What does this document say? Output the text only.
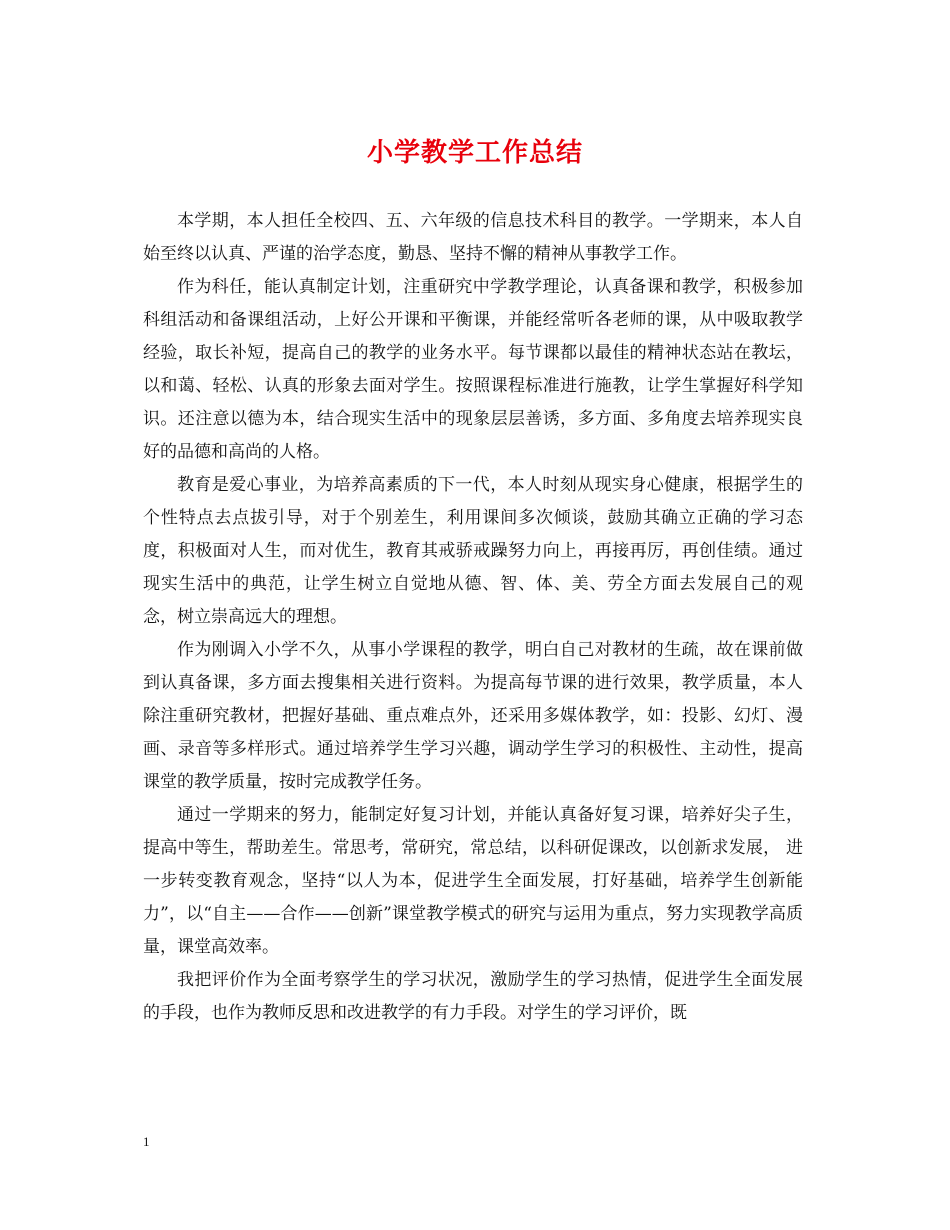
小学教学工作总结

本学期，本人担任全校四、五、六年级的信息技术科目的教学。一学期来，本人自始至终以认真、严谨的治学态度，勤恳、坚持不懈的精神从事教学工作。

作为科任，能认真制定计划，注重研究中学教学理论，认真备课和教学，积极参加科组活动和备课组活动，上好公开课和平衡课，并能经常听各老师的课，从中吸取教学经验，取长补短，提高自己的教学的业务水平。每节课都以最佳的精神状态站在教坛，以和蔼、轻松、认真的形象去面对学生。按照课程标准进行施教，让学生掌握好科学知识。还注意以德为本，结合现实生活中的现象层层善诱，多方面、多角度去培养现实良好的品德和高尚的人格。

教育是爱心事业，为培养高素质的下一代，本人时刻从现实身心健康，根据学生的个性特点去点拔引导，对于个别差生，利用课间多次倾谈，鼓励其确立正确的学习态度，积极面对人生，而对优生，教育其戒骄戒躁努力向上，再接再厉，再创佳绩。通过现实生活中的典范，让学生树立自觉地从德、智、体、美、劳全方面去发展自己的观念，树立崇高远大的理想。

作为刚调入小学不久，从事小学课程的教学，明白自己对教材的生疏，故在课前做到认真备课，多方面去搜集相关进行资料。为提高每节课的进行效果，教学质量，本人除注重研究教材，把握好基础、重点难点外，还采用多媒体教学，如：投影、幻灯、漫画、录音等多样形式。通过培养学生学习兴趣，调动学生学习的积极性、主动性，提高课堂的教学质量，按时完成教学任务。

通过一学期来的努力，能制定好复习计划，并能认真备好复习课，培养好尖子生，提高中等生，帮助差生。常思考，常研究，常总结，以科研促课改，以创新求发展， 进一步转变教育观念，坚持“以人为本，促进学生全面发展，打好基础，培养学生创新能力”，以“自主——合作——创新”课堂教学模式的研究与运用为重点，努力实现教学高质量，课堂高效率。

我把评价作为全面考察学生的学习状况，激励学生的学习热情，促进学生全面发展的手段，也作为教师反思和改进教学的有力手段。对学生的学习评价，既

1
